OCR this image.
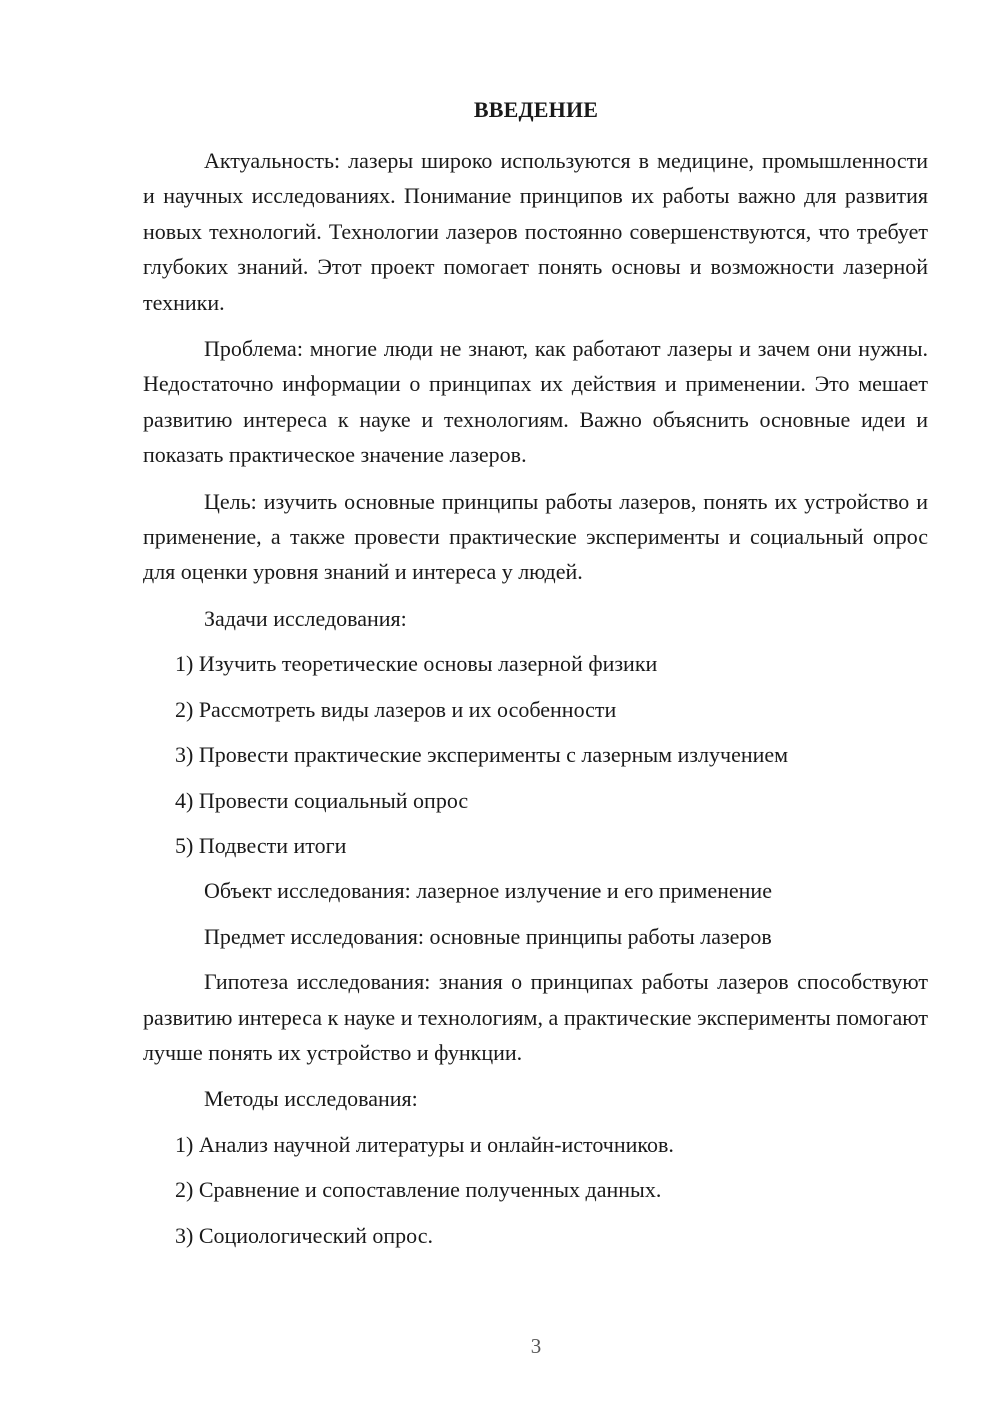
ВВЕДЕНИЕ

Актуальность: лазеры широко используются в медицине, промышленности и научных исследованиях. Понимание принципов их работы важно для развития новых технологий. Технологии лазеров постоянно совершенствуются, что требует глубоких знаний. Этот проект помогает понять основы и возможности лазерной техники.

Проблема: многие люди не знают, как работают лазеры и зачем они нужны. Недостаточно информации о принципах их действия и применении. Это мешает развитию интереса к науке и технологиям. Важно объяснить основные идеи и показать практическое значение лазеров.

Цель: изучить основные принципы работы лазеров, понять их устройство и применение, а также провести практические эксперименты и социальный опрос для оценки уровня знаний и интереса у людей.

Задачи исследования:

1) Изучить теоретические основы лазерной физики
2) Рассмотреть виды лазеров и их особенности
3) Провести практические эксперименты с лазерным излучением
4) Провести социальный опрос
5) Подвести итоги

Объект исследования: лазерное излучение и его применение

Предмет исследования: основные принципы работы лазеров

Гипотеза исследования: знания о принципах работы лазеров способствуют развитию интереса к науке и технологиям, а практические эксперименты помогают лучше понять их устройство и функции.

Методы исследования:

1) Анализ научной литературы и онлайн-источников.
2) Сравнение и сопоставление полученных данных.
3) Социологический опрос.
3
